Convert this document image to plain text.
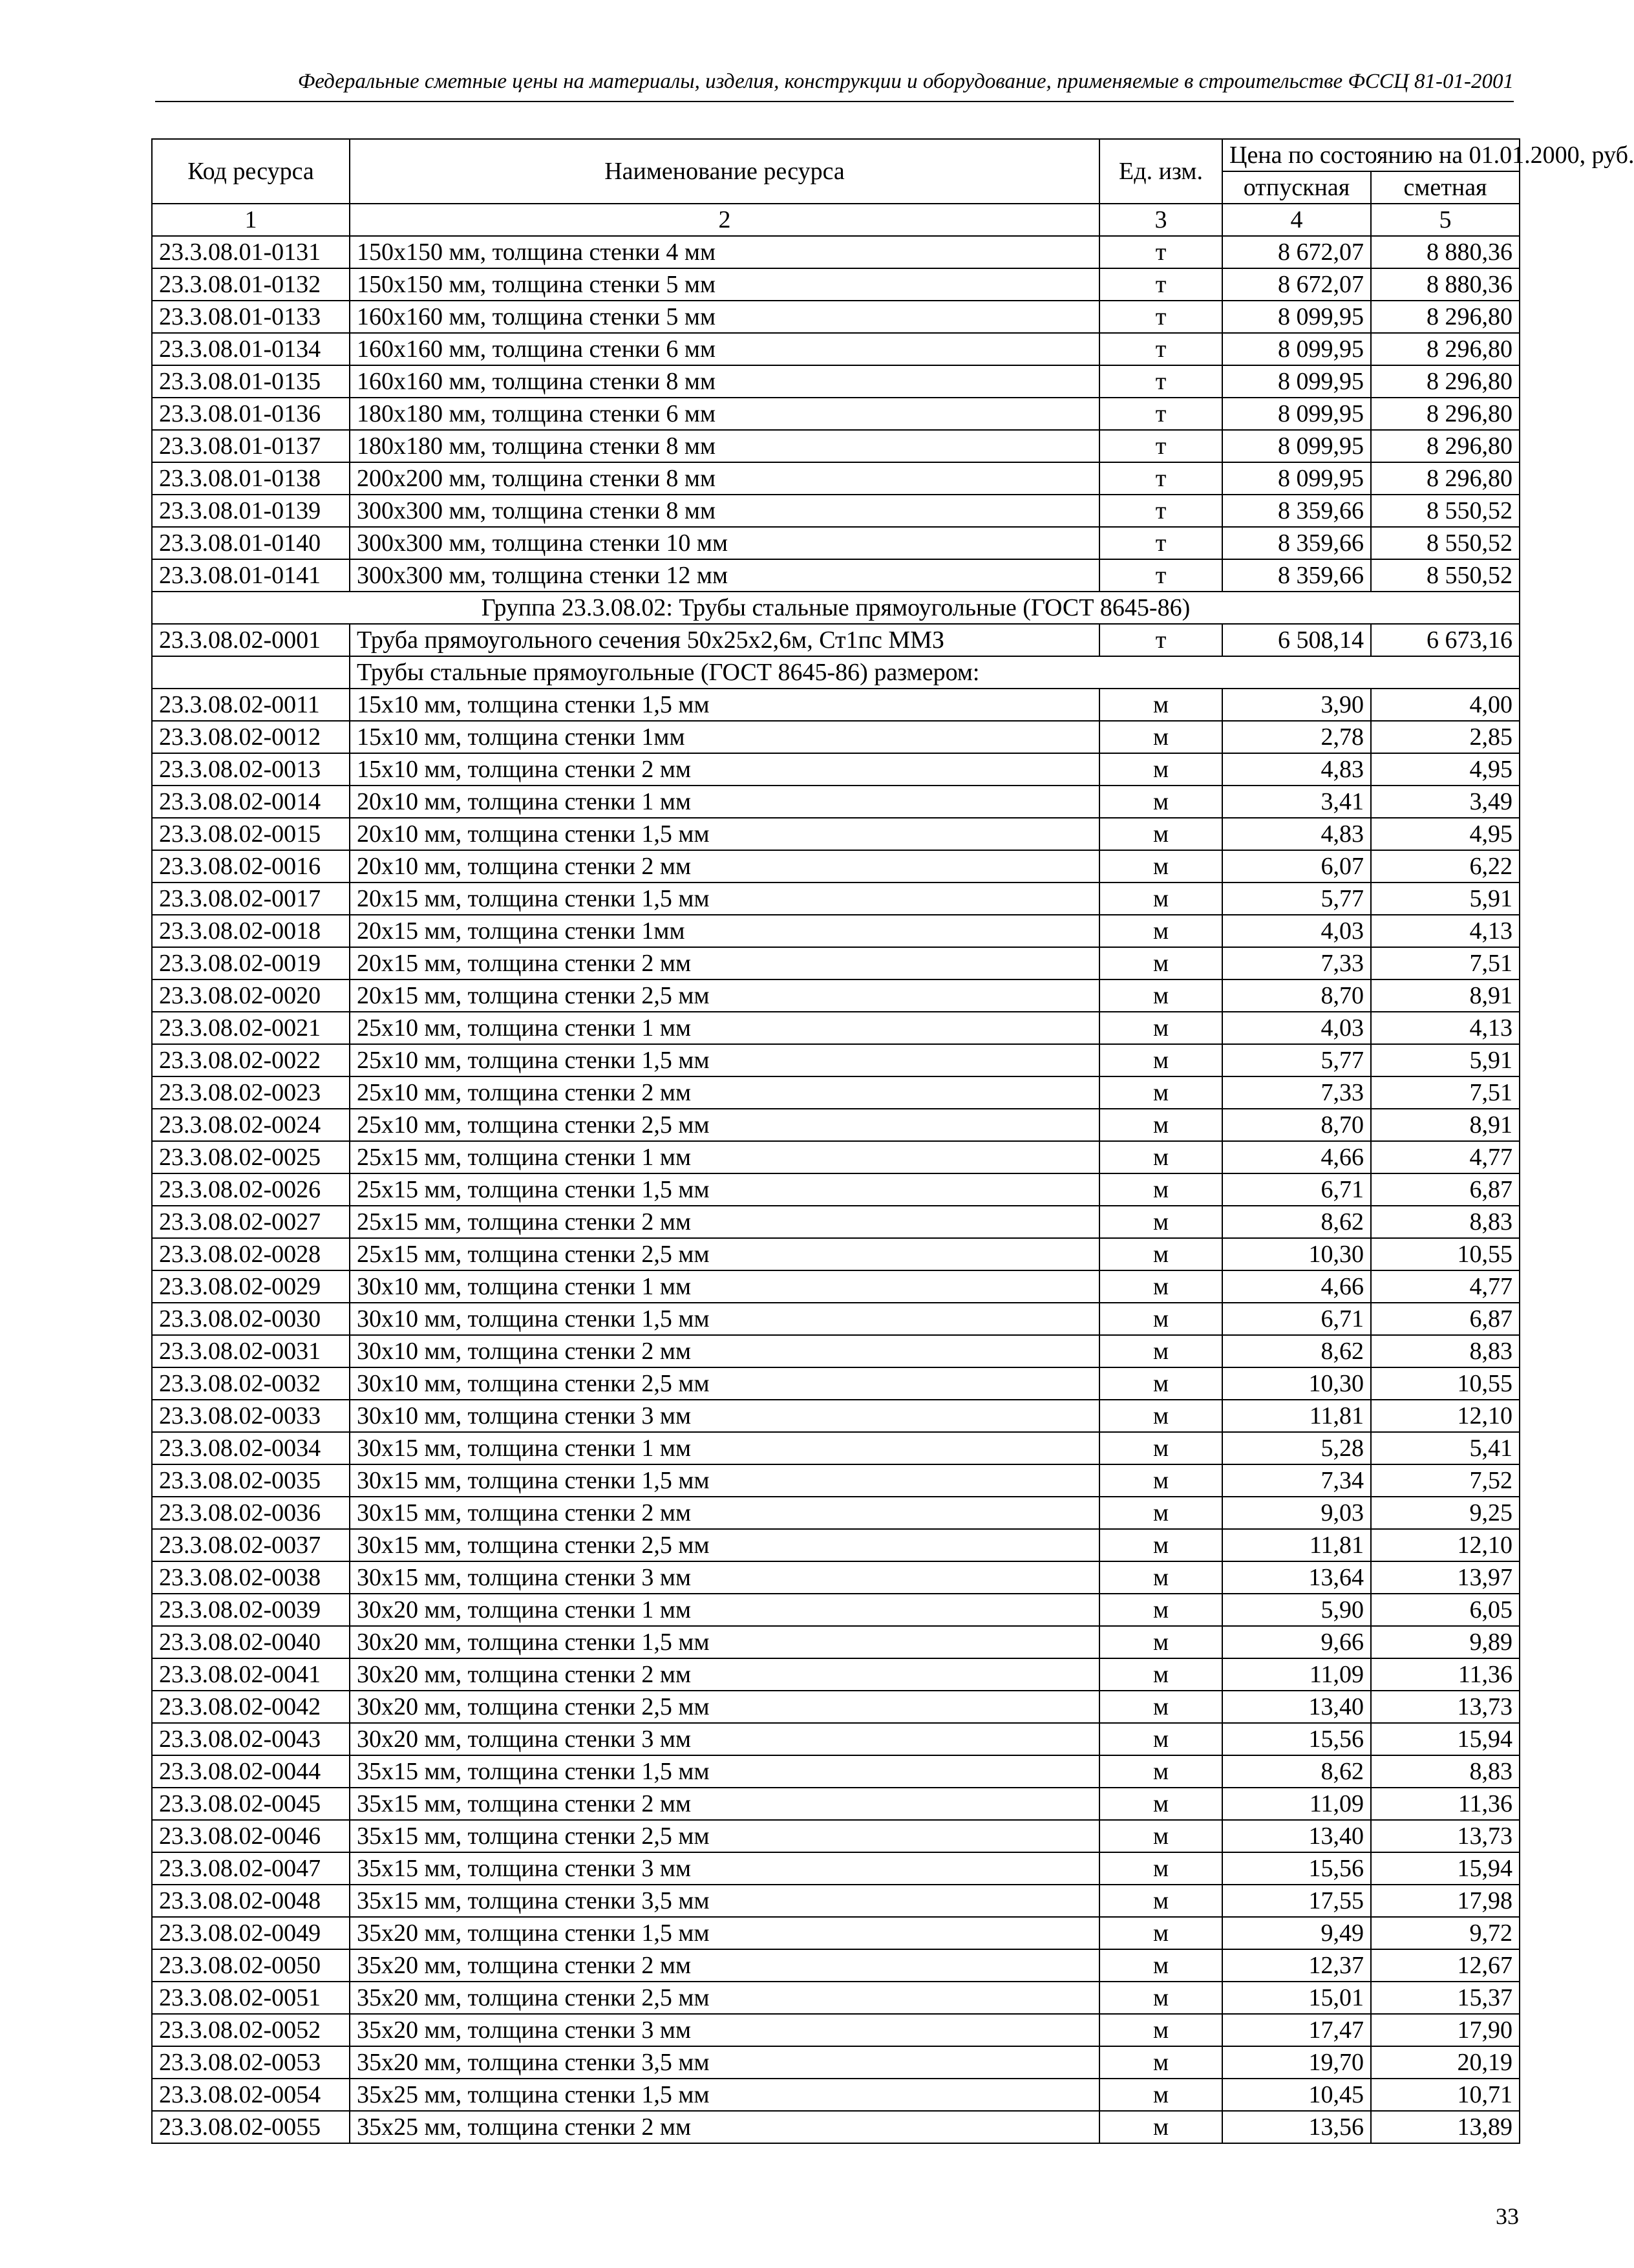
Федеральные сметные цены на материалы, изделия, конструкции и оборудование, применяемые в строительстве ФССЦ 81-01-2001
Код ресурса	Наименование ресурса	Ед. изм.	Цена по состоянию на 01.01.2000, руб.	
			отпускная	сметная
1	2	3	4	5
23.3.08.01-0131	150х150 мм, толщина стенки 4 мм	т	8 672,07	8 880,36
23.3.08.01-0132	150х150 мм, толщина стенки 5 мм	т	8 672,07	8 880,36
23.3.08.01-0133	160х160 мм, толщина стенки 5 мм	т	8 099,95	8 296,80
23.3.08.01-0134	160х160 мм, толщина стенки 6 мм	т	8 099,95	8 296,80
23.3.08.01-0135	160х160 мм, толщина стенки 8 мм	т	8 099,95	8 296,80
23.3.08.01-0136	180х180 мм, толщина стенки 6 мм	т	8 099,95	8 296,80
23.3.08.01-0137	180х180 мм, толщина стенки 8 мм	т	8 099,95	8 296,80
23.3.08.01-0138	200х200 мм, толщина стенки 8 мм	т	8 099,95	8 296,80
23.3.08.01-0139	300х300 мм, толщина стенки 8 мм	т	8 359,66	8 550,52
23.3.08.01-0140	300х300 мм, толщина стенки 10 мм	т	8 359,66	8 550,52
23.3.08.01-0141	300х300 мм, толщина стенки 12 мм	т	8 359,66	8 550,52
Группа 23.3.08.02: Трубы стальные прямоугольные (ГОСТ 8645-86)				
23.3.08.02-0001	Труба прямоугольного сечения 50х25х2,6м, Ст1пс ММЗ	т	6 508,14	6 673,16
	Трубы стальные прямоугольные (ГОСТ 8645-86) размером:			
23.3.08.02-0011	15х10 мм, толщина стенки 1,5 мм	м	3,90	4,00
23.3.08.02-0012	15х10 мм, толщина стенки 1мм	м	2,78	2,85
23.3.08.02-0013	15х10 мм, толщина стенки 2 мм	м	4,83	4,95
23.3.08.02-0014	20х10 мм, толщина стенки 1 мм	м	3,41	3,49
23.3.08.02-0015	20х10 мм, толщина стенки 1,5 мм	м	4,83	4,95
23.3.08.02-0016	20х10 мм, толщина стенки 2 мм	м	6,07	6,22
23.3.08.02-0017	20х15 мм, толщина стенки 1,5 мм	м	5,77	5,91
23.3.08.02-0018	20х15 мм, толщина стенки 1мм	м	4,03	4,13
23.3.08.02-0019	20х15 мм, толщина стенки 2 мм	м	7,33	7,51
23.3.08.02-0020	20х15 мм, толщина стенки 2,5 мм	м	8,70	8,91
23.3.08.02-0021	25х10 мм, толщина стенки 1 мм	м	4,03	4,13
23.3.08.02-0022	25х10 мм, толщина стенки 1,5 мм	м	5,77	5,91
23.3.08.02-0023	25х10 мм, толщина стенки 2 мм	м	7,33	7,51
23.3.08.02-0024	25х10 мм, толщина стенки 2,5 мм	м	8,70	8,91
23.3.08.02-0025	25х15 мм, толщина стенки 1 мм	м	4,66	4,77
23.3.08.02-0026	25х15 мм, толщина стенки 1,5 мм	м	6,71	6,87
23.3.08.02-0027	25х15 мм, толщина стенки 2 мм	м	8,62	8,83
23.3.08.02-0028	25х15 мм, толщина стенки 2,5 мм	м	10,30	10,55
23.3.08.02-0029	30х10 мм, толщина стенки 1 мм	м	4,66	4,77
23.3.08.02-0030	30х10 мм, толщина стенки 1,5 мм	м	6,71	6,87
23.3.08.02-0031	30х10 мм, толщина стенки 2 мм	м	8,62	8,83
23.3.08.02-0032	30х10 мм, толщина стенки 2,5 мм	м	10,30	10,55
23.3.08.02-0033	30х10 мм, толщина стенки 3 мм	м	11,81	12,10
23.3.08.02-0034	30х15 мм, толщина стенки 1 мм	м	5,28	5,41
23.3.08.02-0035	30х15 мм, толщина стенки 1,5 мм	м	7,34	7,52
23.3.08.02-0036	30х15 мм, толщина стенки 2 мм	м	9,03	9,25
23.3.08.02-0037	30х15 мм, толщина стенки 2,5 мм	м	11,81	12,10
23.3.08.02-0038	30х15 мм, толщина стенки 3 мм	м	13,64	13,97
23.3.08.02-0039	30х20 мм, толщина стенки 1 мм	м	5,90	6,05
23.3.08.02-0040	30х20 мм, толщина стенки 1,5 мм	м	9,66	9,89
23.3.08.02-0041	30х20 мм, толщина стенки 2 мм	м	11,09	11,36
23.3.08.02-0042	30х20 мм, толщина стенки 2,5 мм	м	13,40	13,73
23.3.08.02-0043	30х20 мм, толщина стенки 3 мм	м	15,56	15,94
23.3.08.02-0044	35х15 мм, толщина стенки 1,5 мм	м	8,62	8,83
23.3.08.02-0045	35х15 мм, толщина стенки 2 мм	м	11,09	11,36
23.3.08.02-0046	35х15 мм, толщина стенки 2,5 мм	м	13,40	13,73
23.3.08.02-0047	35х15 мм, толщина стенки 3 мм	м	15,56	15,94
23.3.08.02-0048	35х15 мм, толщина стенки 3,5 мм	м	17,55	17,98
23.3.08.02-0049	35х20 мм, толщина стенки 1,5 мм	м	9,49	9,72
23.3.08.02-0050	35х20 мм, толщина стенки 2 мм	м	12,37	12,67
23.3.08.02-0051	35х20 мм, толщина стенки 2,5 мм	м	15,01	15,37
23.3.08.02-0052	35х20 мм, толщина стенки 3 мм	м	17,47	17,90
23.3.08.02-0053	35х20 мм, толщина стенки 3,5 мм	м	19,70	20,19
23.3.08.02-0054	35х25 мм, толщина стенки 1,5 мм	м	10,45	10,71
23.3.08.02-0055	35х25 мм, толщина стенки 2 мм	м	13,56	13,89
33
